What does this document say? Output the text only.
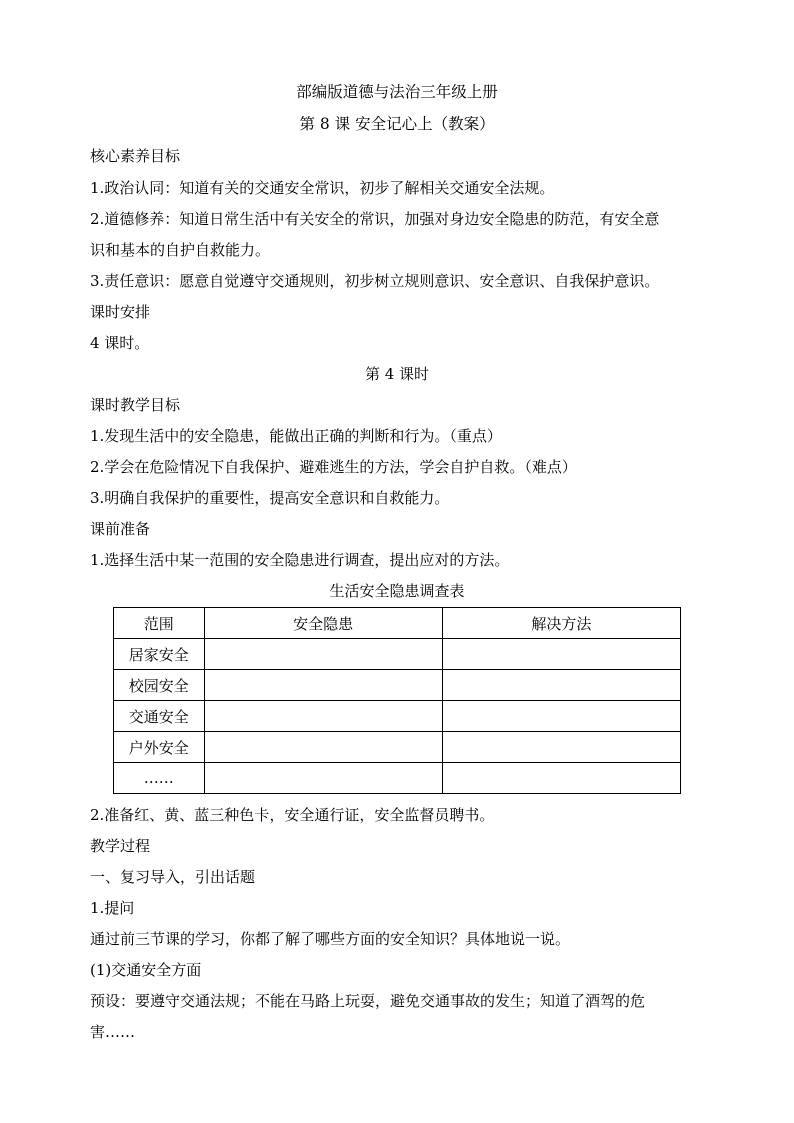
部编版道德与法治三年级上册
第 8 课 安全记心上（教案）
核心素养目标
1.政治认同：知道有关的交通安全常识，初步了解相关交通安全法规。
2.道德修养：知道日常生活中有关安全的常识，加强对身边安全隐患的防范，有安全意
识和基本的自护自救能力。
3.责任意识：愿意自觉遵守交通规则，初步树立规则意识、安全意识、自我保护意识。
课时安排
4 课时。
第 4 课时
课时教学目标
1.发现生活中的安全隐患，能做出正确的判断和行为。（重点）
2.学会在危险情况下自我保护、避难逃生的方法，学会自护自救。（难点）
3.明确自我保护的重要性，提高安全意识和自救能力。
课前准备
1.选择生活中某一范围的安全隐患进行调查，提出应对的方法。
生活安全隐患调查表
范围	安全隐患	解决方法
居家安全		
校园安全		
交通安全		
户外安全		
……		
2.准备红、黄、蓝三种色卡，安全通行证，安全监督员聘书。
教学过程
一、复习导入，引出话题
1.提问
通过前三节课的学习，你都了解了哪些方面的安全知识？具体地说一说。
(1)交通安全方面
预设：要遵守交通法规；不能在马路上玩耍，避免交通事故的发生；知道了酒驾的危
害……
